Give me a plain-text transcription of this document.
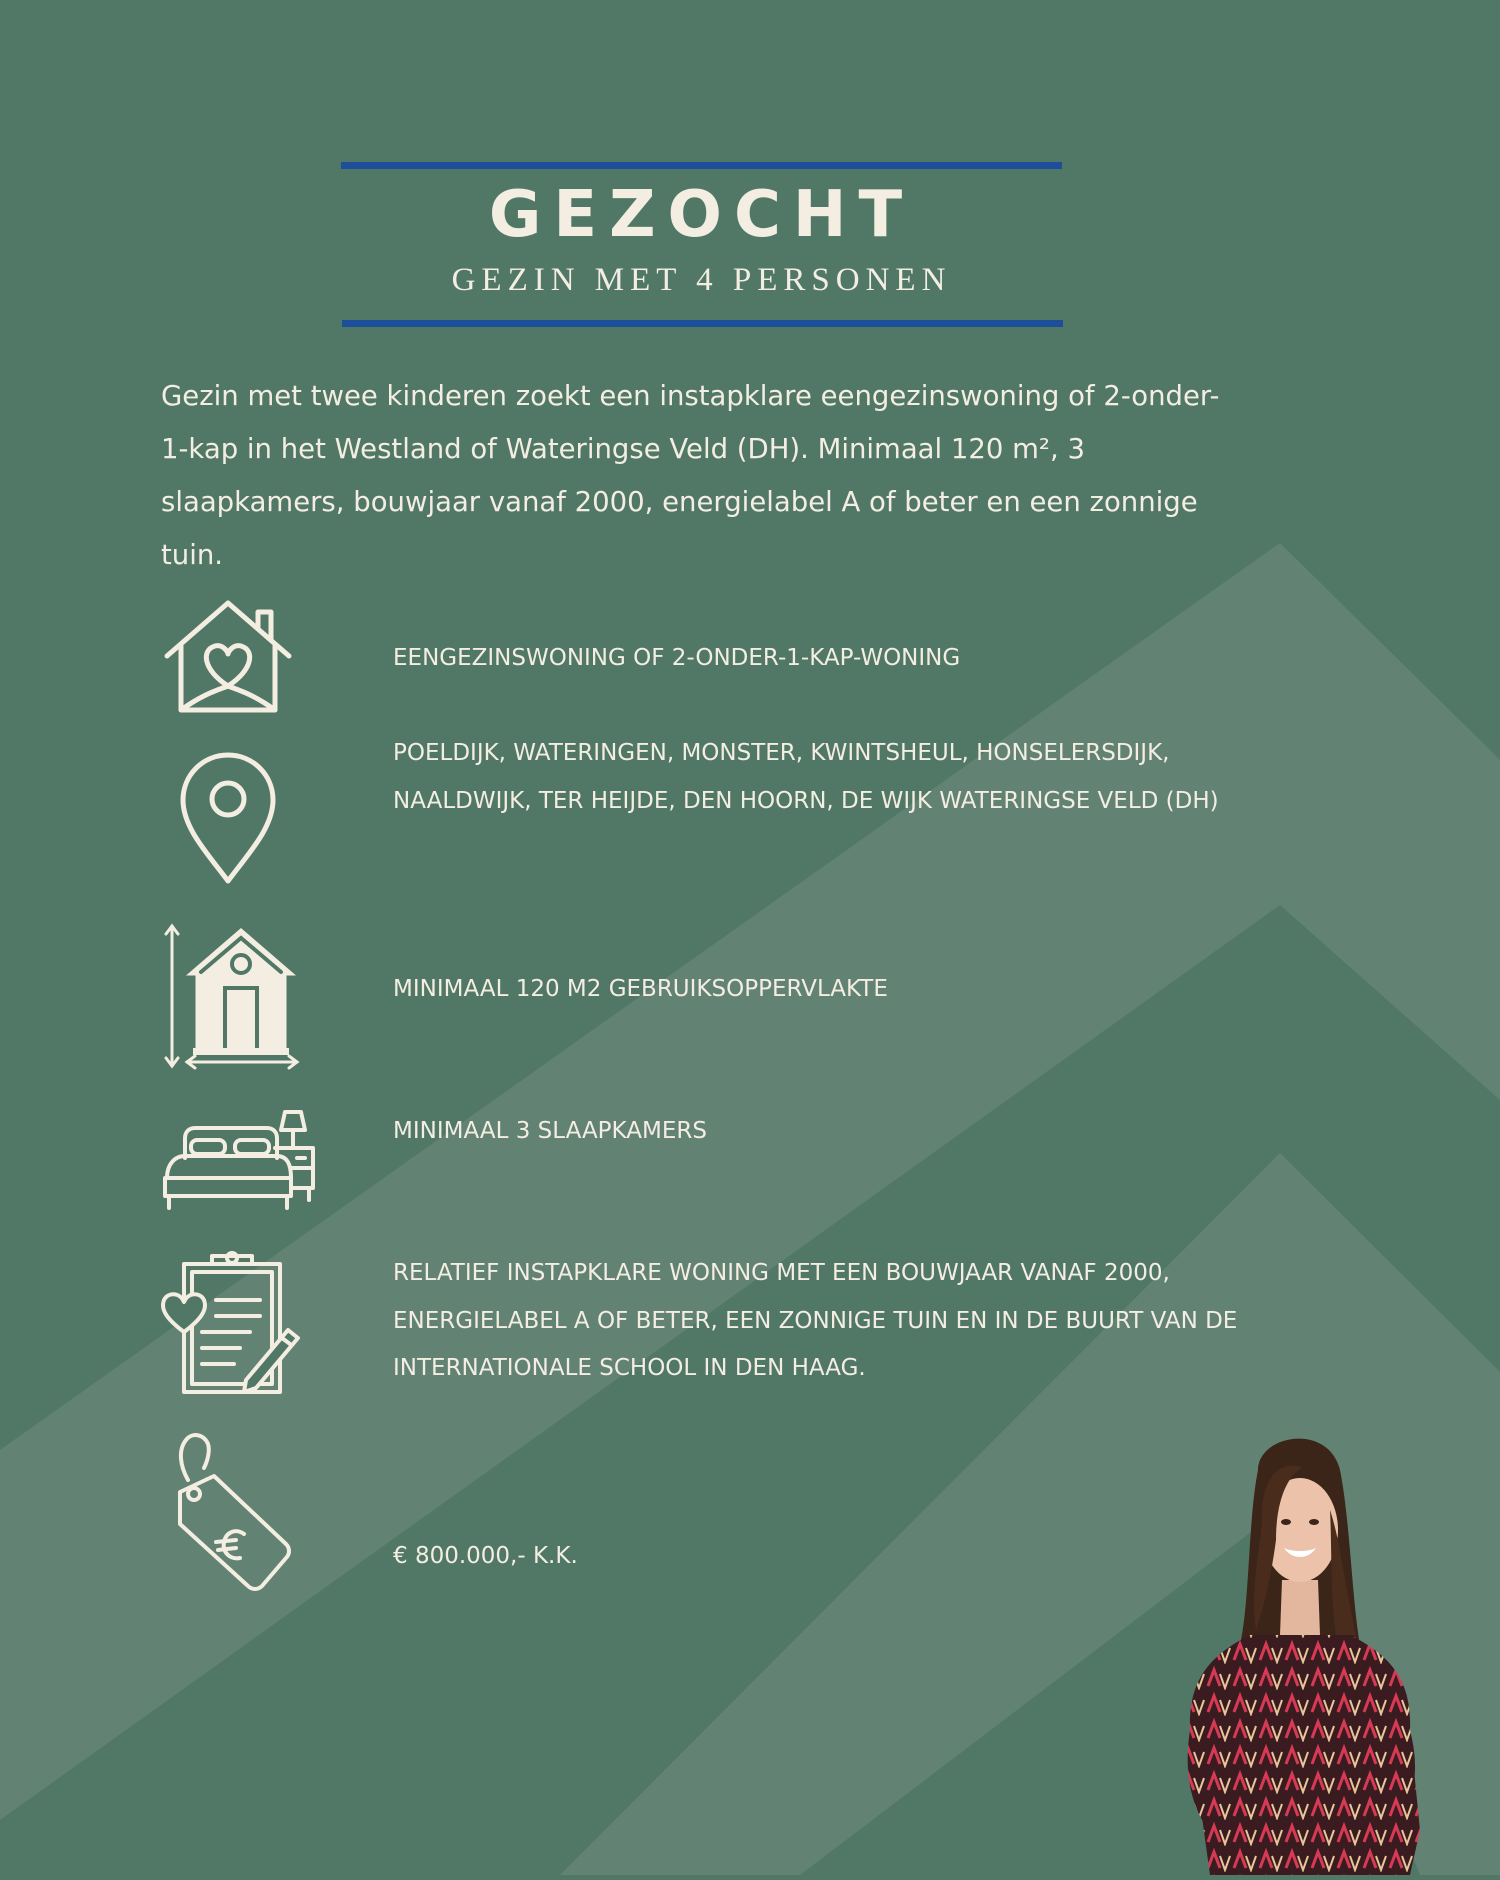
GEZOCHT
GEZIN MET 4 PERSONEN
Gezin met twee kinderen zoekt een instapklare eengezinswoning of 2-onder-1-kap in het Westland of Wateringse Veld (DH). Minimaal 120 m², 3 slaapkamers, bouwjaar vanaf 2000, energielabel A of beter en een zonnige tuin.
EENGEZINSWONING OF 2-ONDER-1-KAP-WONING
POELDIJK, WATERINGEN, MONSTER, KWINTSHEUL, HONSELERSDIJK, NAALDWIJK, TER HEIJDE, DEN HOORN, DE WIJK WATERINGSE VELD (DH)
MINIMAAL 120 M2 GEBRUIKSOPPERVLAKTE
MINIMAAL 3 SLAAPKAMERS
RELATIEF INSTAPKLARE WONING MET EEN BOUWJAAR VANAF 2000, ENERGIELABEL A OF BETER, EEN ZONNIGE TUIN EN IN DE BUURT VAN DE INTERNATIONALE SCHOOL IN DEN HAAG.
€ 800.000,- K.K.
